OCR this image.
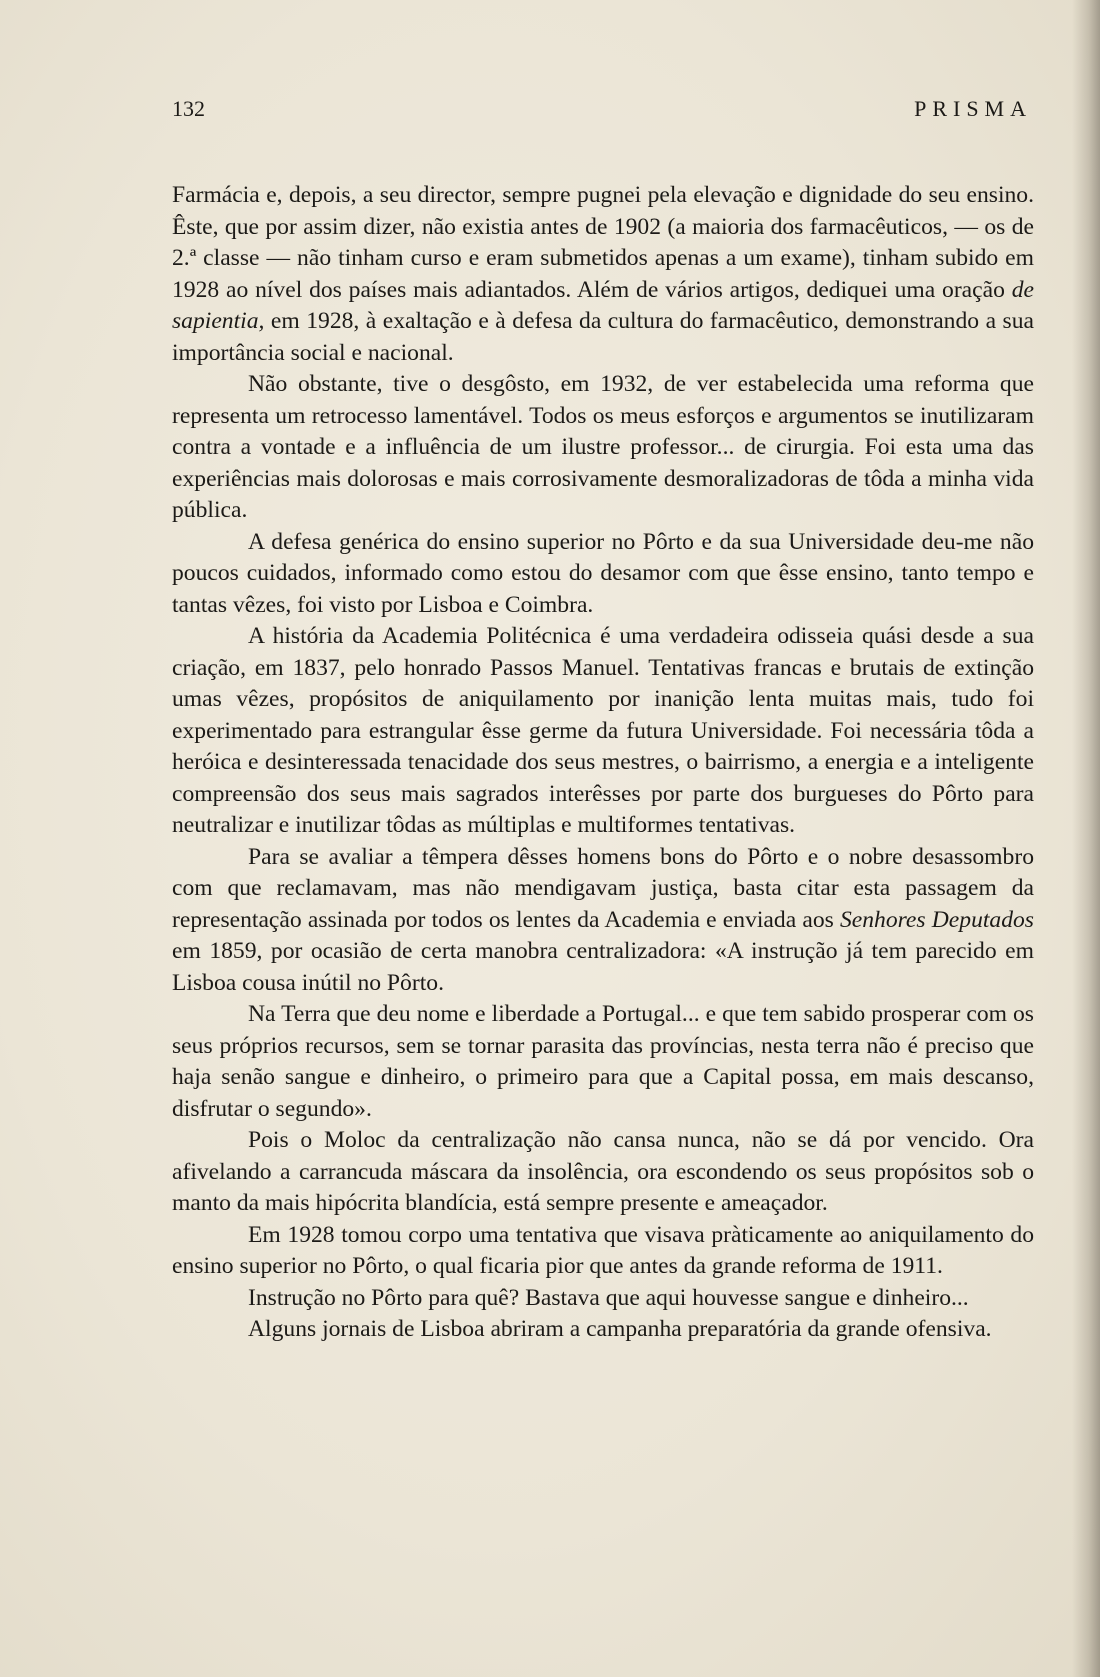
132	PRISMA

Farmácia e, depois, a seu director, sempre pugnei pela elevação e dignidade do seu ensino. Êste, que por assim dizer, não existia antes de 1902 (a maioria dos farmacêuticos, — os de 2.ª classe — não tinham curso e eram submetidos apenas a um exame), tinham subido em 1928 ao nível dos países mais adiantados. Além de vários artigos, dediquei uma oração de sapientia, em 1928, à exaltação e à defesa da cultura do farmacêutico, demonstrando a sua importância social e nacional.

Não obstante, tive o desgôsto, em 1932, de ver estabelecida uma reforma que representa um retrocesso lamentável. Todos os meus esforços e argumentos se inutilizaram contra a vontade e a influência de um ilustre professor... de cirurgia. Foi esta uma das experiências mais dolorosas e mais corrosivamente desmoralizadoras de tôda a minha vida pública.

A defesa genérica do ensino superior no Pôrto e da sua Universidade deu-me não poucos cuidados, informado como estou do desamor com que êsse ensino, tanto tempo e tantas vêzes, foi visto por Lisboa e Coimbra.

A história da Academia Politécnica é uma verdadeira odisseia quási desde a sua criação, em 1837, pelo honrado Passos Manuel. Tentativas francas e brutais de extinção umas vêzes, propósitos de aniquilamento por inanição lenta muitas mais, tudo foi experimentado para estrangular êsse germe da futura Universidade. Foi necessária tôda a heróica e desinteressada tenacidade dos seus mestres, o bairrismo, a energia e a inteligente compreensão dos seus mais sagrados interêsses por parte dos burgueses do Pôrto para neutralizar e inutilizar tôdas as múltiplas e multiformes tentativas.

Para se avaliar a têmpera dêsses homens bons do Pôrto e o nobre desassombro com que reclamavam, mas não mendigavam justiça, basta citar esta passagem da representação assinada por todos os lentes da Academia e enviada aos Senhores Deputados em 1859, por ocasião de certa manobra centralizadora: «A instrução já tem parecido em Lisboa cousa inútil no Pôrto.

Na Terra que deu nome e liberdade a Portugal... e que tem sabido prosperar com os seus próprios recursos, sem se tornar parasita das províncias, nesta terra não é preciso que haja senão sangue e dinheiro, o primeiro para que a Capital possa, em mais descanso, disfrutar o segundo».

Pois o Moloc da centralização não cansa nunca, não se dá por vencido. Ora afivelando a carrancuda máscara da insolência, ora escondendo os seus propósitos sob o manto da mais hipócrita blandícia, está sempre presente e ameaçador.

Em 1928 tomou corpo uma tentativa que visava pràticamente ao aniquilamento do ensino superior no Pôrto, o qual ficaria pior que antes da grande reforma de 1911.

Instrução no Pôrto para quê? Bastava que aqui houvesse sangue e dinheiro...

Alguns jornais de Lisboa abriram a campanha preparatória da grande ofensiva.
